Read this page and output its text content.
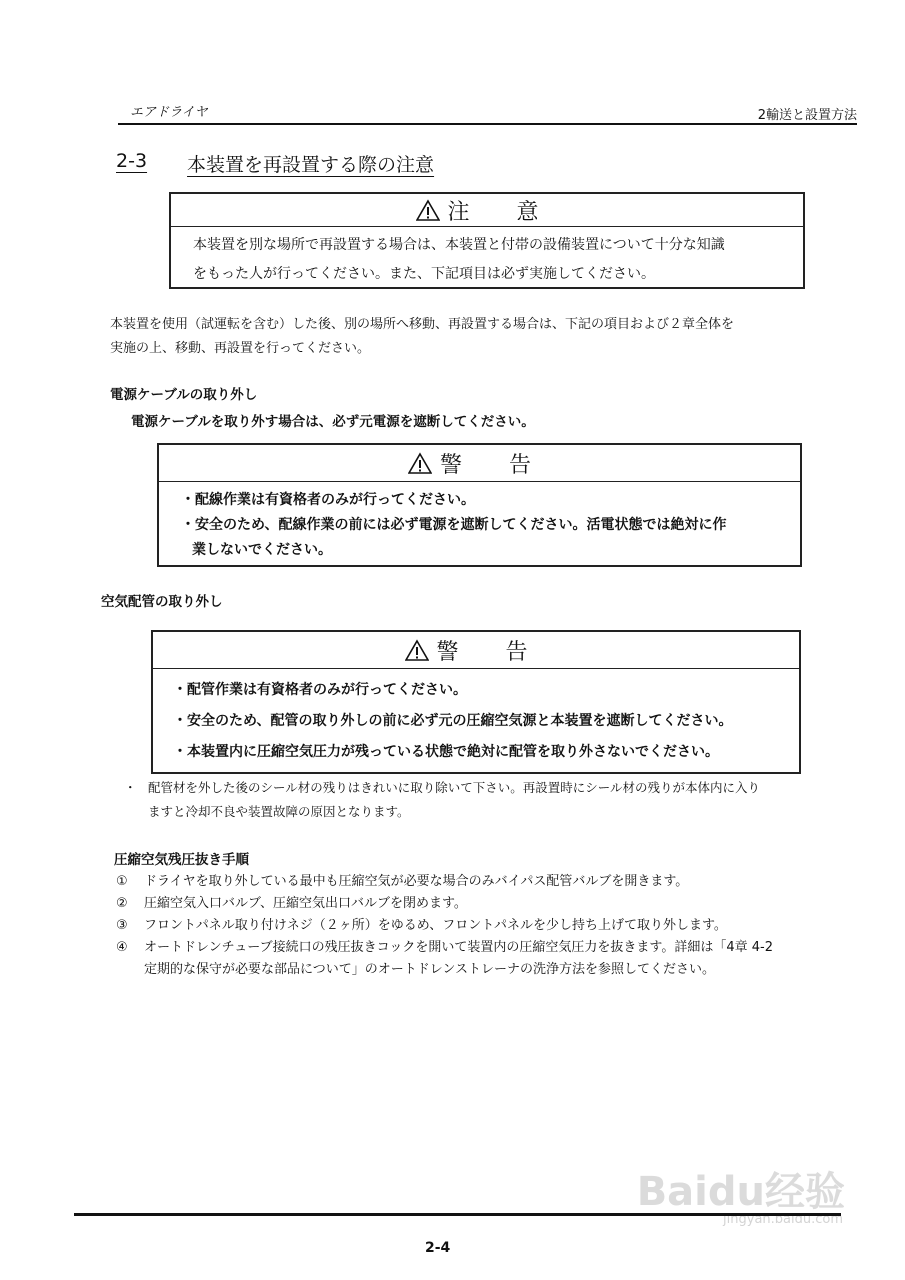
エアドライヤ	2輸送と設置方法
2-3 本装置を再設置する際の注意
注 意
本装置を別な場所で再設置する場合は、本装置と付帯の設備装置について十分な知識
をもった人が行ってください。また、下記項目は必ず実施してください。
本装置を使用（試運転を含む）した後、別の場所へ移動、再設置する場合は、下記の項目および２章全体を
実施の上、移動、再設置を行ってください。
電源ケーブルの取り外し
電源ケーブルを取り外す場合は、必ず元電源を遮断してください。
警 告
・配線作業は有資格者のみが行ってください。
・安全のため、配線作業の前には必ず電源を遮断してください。活電状態では絶対に作
業しないでください。
空気配管の取り外し
警 告
・配管作業は有資格者のみが行ってください。
・安全のため、配管の取り外しの前に必ず元の圧縮空気源と本装置を遮断してください。
・本装置内に圧縮空気圧力が残っている状態で絶対に配管を取り外さないでください。
・ 配管材を外した後のシール材の残りはきれいに取り除いて下さい。再設置時にシール材の残りが本体内に入り
ますと冷却不良や装置故障の原因となります。
圧縮空気残圧抜き手順
① ドライヤを取り外している最中も圧縮空気が必要な場合のみバイパス配管バルブを開きます。
② 圧縮空気入口バルブ、圧縮空気出口バルブを閉めます。
③ フロントパネル取り付けネジ（２ヶ所）をゆるめ、フロントパネルを少し持ち上げて取り外します。
④ オートドレンチューブ接続口の残圧抜きコックを開いて装置内の圧縮空気圧力を抜きます。詳細は「4章 4-2
定期的な保守が必要な部品について」のオートドレンストレーナの洗浄方法を参照してください。
Baidu经验
jingyan.baidu.com
2-4
